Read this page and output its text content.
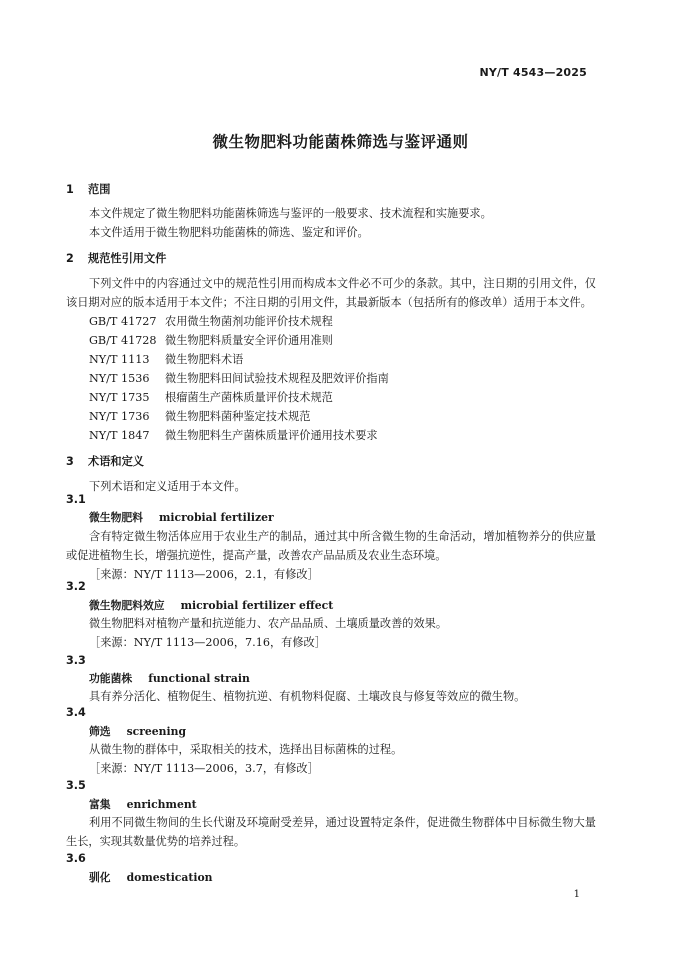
NY/T 4543—2025
微生物肥料功能菌株筛选与鉴评通则
1 范围
本文件规定了微生物肥料功能菌株筛选与鉴评的一般要求、技术流程和实施要求。
本文件适用于微生物肥料功能菌株的筛选、鉴定和评价。
2 规范性引用文件
下列文件中的内容通过文中的规范性引用而构成本文件必不可少的条款。其中，注日期的引用文件，仅该日期对应的版本适用于本文件；不注日期的引用文件，其最新版本（包括所有的修改单）适用于本文件。
GB/T 41727 农用微生物菌剂功能评价技术规程
GB/T 41728 微生物肥料质量安全评价通用准则
NY/T 1113 微生物肥料术语
NY/T 1536 微生物肥料田间试验技术规程及肥效评价指南
NY/T 1735 根瘤菌生产菌株质量评价技术规范
NY/T 1736 微生物肥料菌种鉴定技术规范
NY/T 1847 微生物肥料生产菌株质量评价通用技术要求
3 术语和定义
下列术语和定义适用于本文件。
3.1
微生物肥料 microbial fertilizer
含有特定微生物活体应用于农业生产的制品，通过其中所含微生物的生命活动，增加植物养分的供应量或促进植物生长，增强抗逆性，提高产量，改善农产品品质及农业生态环境。
［来源：NY/T 1113—2006，2.1，有修改］
3.2
微生物肥料效应 microbial fertilizer effect
微生物肥料对植物产量和抗逆能力、农产品品质、土壤质量改善的效果。
［来源：NY/T 1113—2006，7.16，有修改］
3.3
功能菌株 functional strain
具有养分活化、植物促生、植物抗逆、有机物料促腐、土壤改良与修复等效应的微生物。
3.4
筛选 screening
从微生物的群体中，采取相关的技术，选择出目标菌株的过程。
［来源：NY/T 1113—2006，3.7，有修改］
3.5
富集 enrichment
利用不同微生物间的生长代谢及环境耐受差异，通过设置特定条件，促进微生物群体中目标微生物大量生长，实现其数量优势的培养过程。
3.6
驯化 domestication
1
